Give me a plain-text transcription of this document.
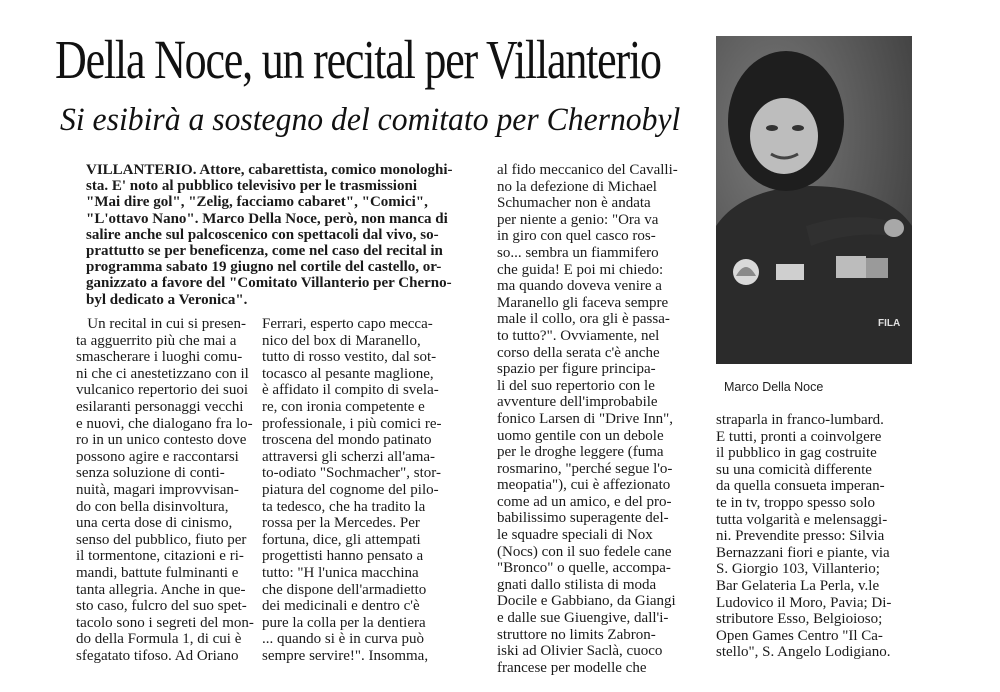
Della Noce, un recital per Villanterio
Si esibirà a sostegno del comitato per Chernobyl

VILLANTERIO. Attore, cabarettista, comico monologhi-
sta. E' noto al pubblico televisivo per le trasmissioni
"Mai dire gol", "Zelig, facciamo cabaret", "Comici",
"L'ottavo Nano". Marco Della Noce, però, non manca di
salire anche sul palcoscenico con spettacoli dal vivo, so-
prattutto se per beneficenza, come nel caso del recital in
programma sabato 19 giugno nel cortile del castello, or-
ganizzato a favore del "Comitato Villanterio per Cherno-
byl dedicato a Veronica".

Un recital in cui si presen-
ta agguerrito più che mai a
smascherare i luoghi comu-
ni che ci anestetizzano con il
vulcanico repertorio dei suoi
esilaranti personaggi vecchi
e nuovi, che dialogano fra lo-
ro in un unico contesto dove
possono agire e raccontarsi
senza soluzione di conti-
nuità, magari improvvisan-
do con bella disinvoltura,
una certa dose di cinismo,
senso del pubblico, fiuto per
il tormentone, citazioni e ri-
mandi, battute fulminanti e
tanta allegria. Anche in que-
sto caso, fulcro del suo spet-
tacolo sono i segreti del mon-
do della Formula 1, di cui è
sfegatato tifoso. Ad Oriano

Ferrari, esperto capo mecca-
nico del box di Maranello,
tutto di rosso vestito, dal sot-
tocasco al pesante maglione,
è affidato il compito di svela-
re, con ironia competente e
professionale, i più comici re-
troscena del mondo patinato
attraversi gli scherzi all'ama-
to-odiato "Sochmacher", stor-
piatura del cognome del pilo-
ta tedesco, che ha tradito la
rossa per la Mercedes. Per
fortuna, dice, gli attempati
progettisti hanno pensato a
tutto: "H l'unica macchina
che dispone dell'armadietto
dei medicinali e dentro c'è
pure la colla per la dentiera
... quando si è in curva può
sempre servire!". Insomma,

al fido meccanico del Cavalli-
no la defezione di Michael
Schumacher non è andata
per niente a genio: "Ora va
in giro con quel casco ros-
so... sembra un fiammifero
che guida! E poi mi chiedo:
ma quando doveva venire a
Maranello gli faceva sempre
male il collo, ora gli è passa-
to tutto?". Ovviamente, nel
corso della serata c'è anche
spazio per figure principa-
li del suo repertorio con le
avventure dell'improbabile
fonico Larsen di "Drive Inn",
uomo gentile con un debole
per le droghe leggere (fuma
rosmarino, "perché segue l'o-
meopatia"), cui è affezionato
come ad un amico, e del pro-
babilissimo superagente del-
le squadre speciali di Nox
(Nocs) con il suo fedele cane
"Bronco" o quelle, accompa-
gnati dallo stilista di moda
Docile e Gabbiano, da Giangi
e dalle sue Giuengive, dall'i-
struttore no limits Zabron-
iski ad Olivier Saclà, cuoco
francese per modelle che

straparla in franco-lumbard.
E tutti, pronti a coinvolgere
il pubblico in gag costruite
su una comicità differente
da quella consueta imperan-
te in tv, troppo spesso solo
tutta volgarità e melensaggi-
ni. Prevendite presso: Silvia
Bernazzani fiori e piante, via
S. Giorgio 103, Villanterio;
Bar Gelateria La Perla, v.le
Ludovico il Moro, Pavia; Di-
stributore Esso, Belgioioso;
Open Games Centro "Il Ca-
stello", S. Angelo Lodigiano.

FILA

Marco Della Noce
